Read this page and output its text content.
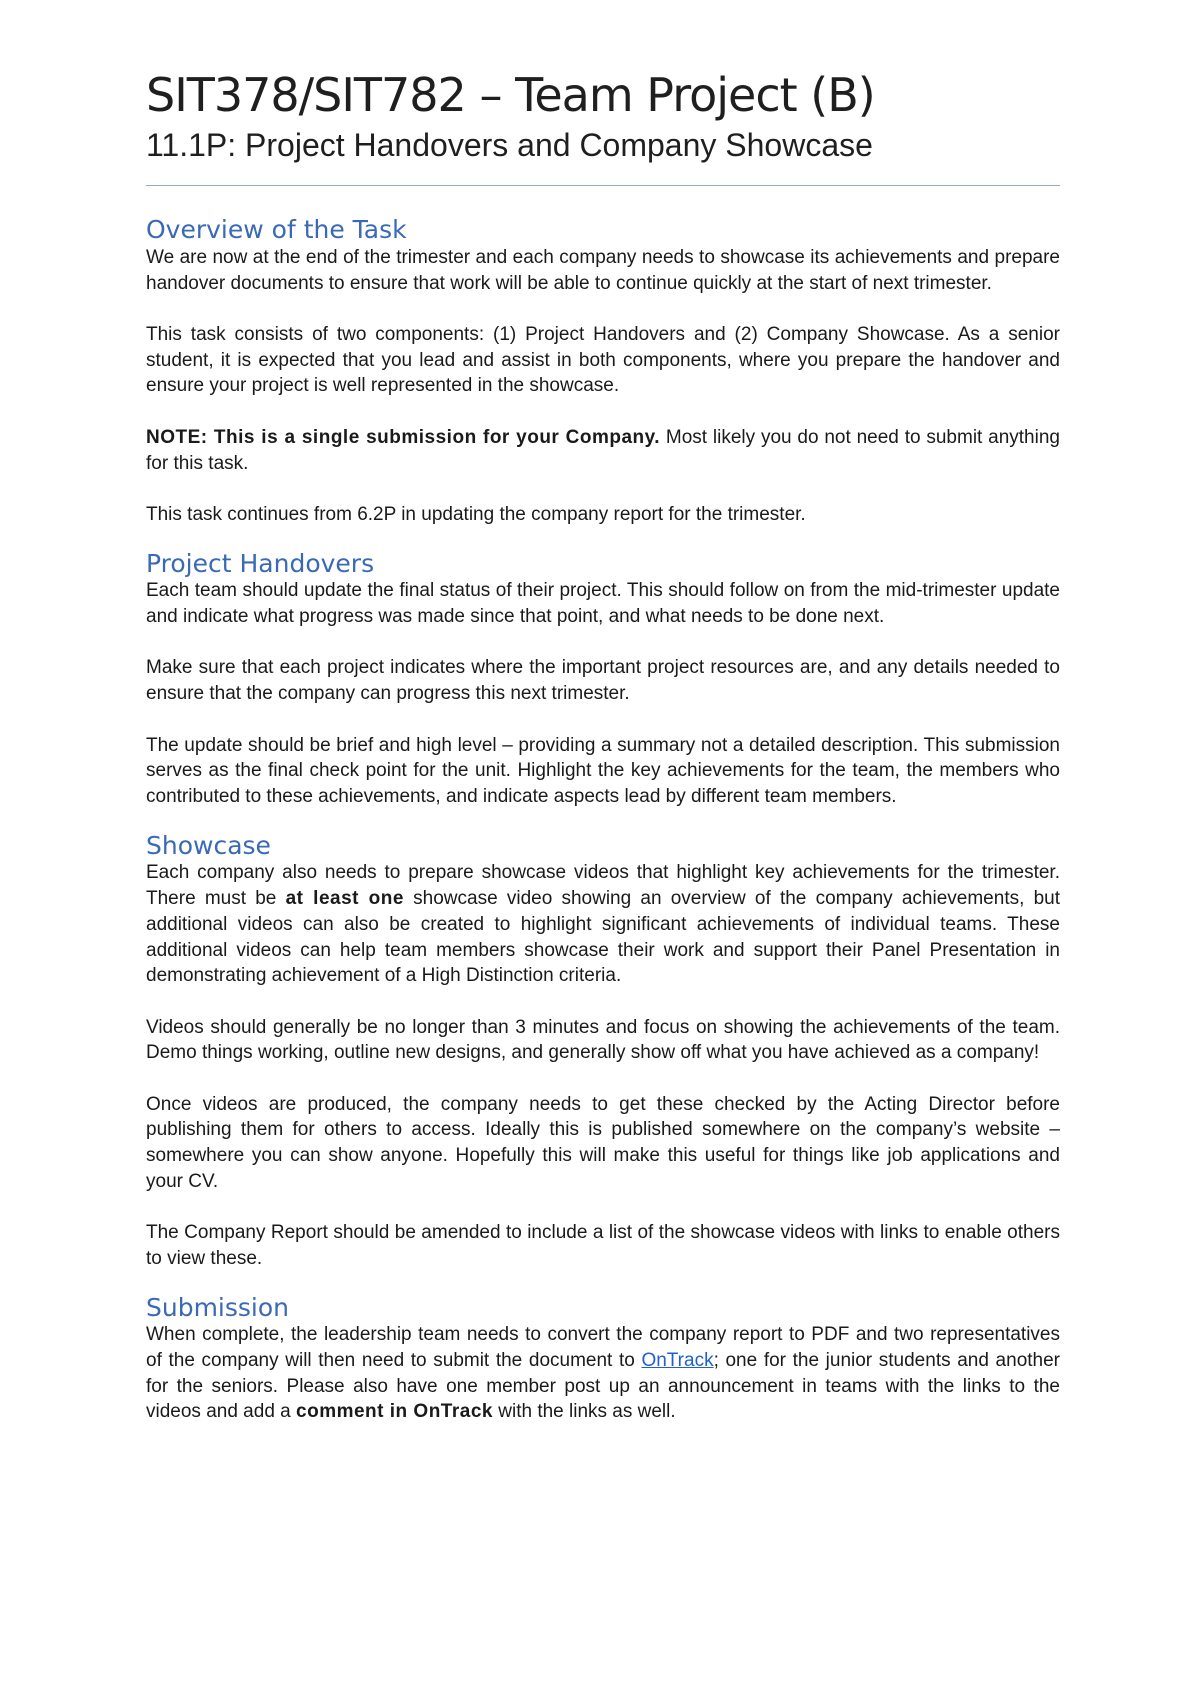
SIT378/SIT782 – Team Project (B)
11.1P: Project Handovers and Company Showcase
Overview of the Task

We are now at the end of the trimester and each company needs to showcase its achievements and prepare handover documents to ensure that work will be able to continue quickly at the start of next trimester.

This task consists of two components: (1) Project Handovers and (2) Company Showcase. As a senior student, it is expected that you lead and assist in both components, where you prepare the handover and ensure your project is well represented in the showcase.

NOTE: This is a single submission for your Company. Most likely you do not need to submit anything for this task.

This task continues from 6.2P in updating the company report for the trimester.

Project Handovers

Each team should update the final status of their project. This should follow on from the mid-trimester update and indicate what progress was made since that point, and what needs to be done next.

Make sure that each project indicates where the important project resources are, and any details needed to ensure that the company can progress this next trimester.

The update should be brief and high level – providing a summary not a detailed description. This submission serves as the final check point for the unit. Highlight the key achievements for the team, the members who contributed to these achievements, and indicate aspects lead by different team members.

Showcase

Each company also needs to prepare showcase videos that highlight key achievements for the trimester. There must be at least one showcase video showing an overview of the company achievements, but additional videos can also be created to highlight significant achievements of individual teams. These additional videos can help team members showcase their work and support their Panel Presentation in demonstrating achievement of a High Distinction criteria.

Videos should generally be no longer than 3 minutes and focus on showing the achievements of the team. Demo things working, outline new designs, and generally show off what you have achieved as a company!

Once videos are produced, the company needs to get these checked by the Acting Director before publishing them for others to access. Ideally this is published somewhere on the company’s website – somewhere you can show anyone. Hopefully this will make this useful for things like job applications and your CV.

The Company Report should be amended to include a list of the showcase videos with links to enable others to view these.

Submission

When complete, the leadership team needs to convert the company report to PDF and two representatives of the company will then need to submit the document to OnTrack; one for the junior students and another for the seniors. Please also have one member post up an announcement in teams with the links to the videos and add a comment in OnTrack with the links as well.
